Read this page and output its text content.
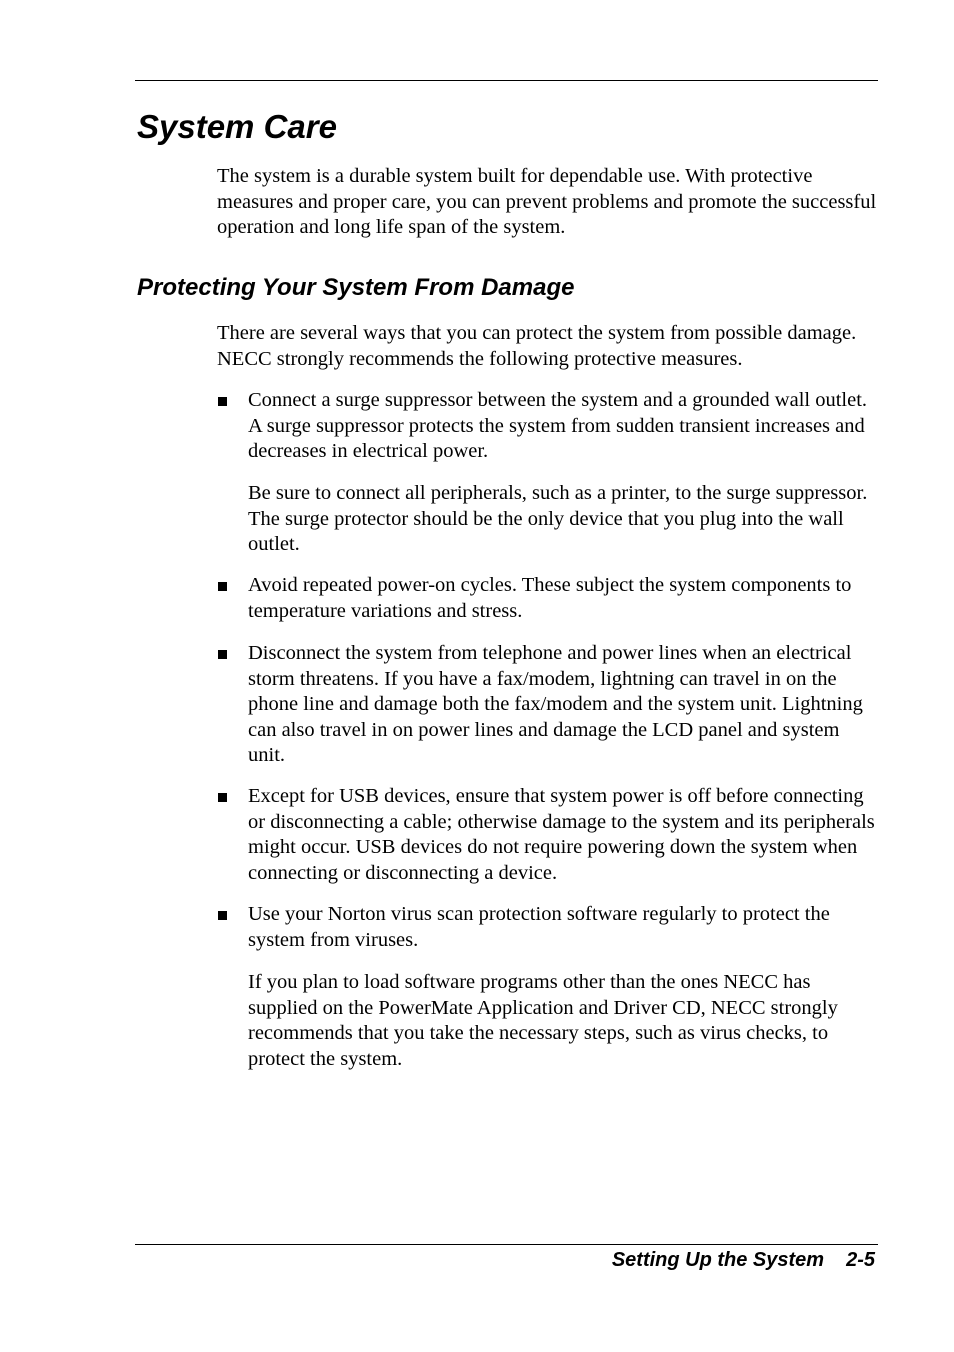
System Care

The system is a durable system built for dependable use. With protective measures and proper care, you can prevent problems and promote the successful operation and long life span of the system.

Protecting Your System From Damage

There are several ways that you can protect the system from possible damage. NECC strongly recommends the following protective measures.

Connect a surge suppressor between the system and a grounded wall outlet. A surge suppressor protects the system from sudden transient increases and decreases in electrical power.

Be sure to connect all peripherals, such as a printer, to the surge suppressor. The surge protector should be the only device that you plug into the wall outlet.

Avoid repeated power-on cycles. These subject the system components to temperature variations and stress.

Disconnect the system from telephone and power lines when an electrical storm threatens. If you have a fax/modem, lightning can travel in on the phone line and damage both the fax/modem and the system unit. Lightning can also travel in on power lines and damage the LCD panel and system unit.

Except for USB devices, ensure that system power is off before connecting or disconnecting a cable; otherwise damage to the system and its peripherals might occur. USB devices do not require powering down the system when connecting or disconnecting a device.

Use your Norton virus scan protection software regularly to protect the system from viruses.

If you plan to load software programs other than the ones NECC has supplied on the PowerMate Application and Driver CD, NECC strongly recommends that you take the necessary steps, such as virus checks, to protect the system.

Setting Up the System 2-5
